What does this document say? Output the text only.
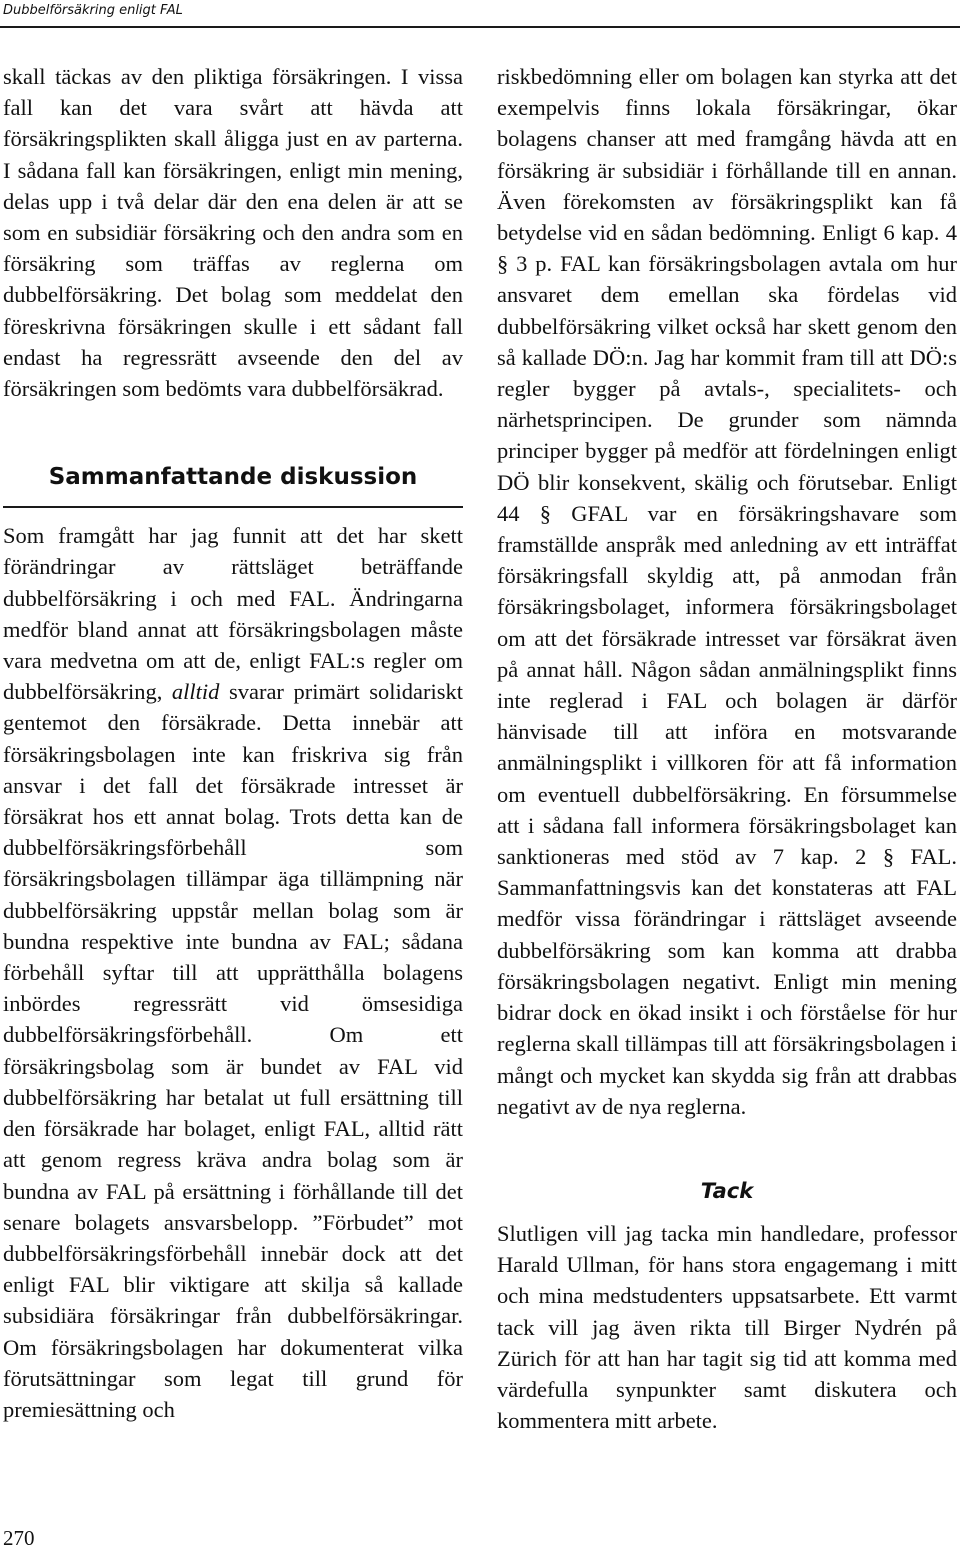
Dubbelförsäkring enligt FAL

skall täckas av den pliktiga försäkringen. I vissa fall kan det vara svårt att hävda att försäkringsplikten skall åligga just en av parterna. I sådana fall kan försäkringen, enligt min mening, delas upp i två delar där den ena delen är att se som en subsidiär försäkring och den andra som en försäkring som träffas av reglerna om dubbelförsäkring. Det bolag som meddelat den föreskrivna försäkringen skulle i ett sådant fall endast ha regressrätt avseende den del av försäkringen som bedömts vara dubbelförsäkrad.

Sammanfattande diskussion

Som framgått har jag funnit att det har skett förändringar av rättsläget beträffande dubbelförsäkring i och med FAL. Ändringarna medför bland annat att försäkringsbolagen måste vara medvetna om att de, enligt FAL:s regler om dubbelförsäkring, alltid svarar primärt solidariskt gentemot den försäkrade. Detta innebär att försäkringsbolagen inte kan friskriva sig från ansvar i det fall det försäkrade intresset är försäkrat hos ett annat bolag. Trots detta kan de dubbelförsäkringsförbehåll som försäkringsbolagen tillämpar äga tillämpning när dubbelförsäkring uppstår mellan bolag som är bundna respektive inte bundna av FAL; sådana förbehåll syftar till att upprätthålla bolagens inbördes regressrätt vid ömsesidiga dubbelförsäkringsförbehåll. Om ett försäkringsbolag som är bundet av FAL vid dubbelförsäkring har betalat ut full ersättning till den försäkrade har bolaget, enligt FAL, alltid rätt att genom regress kräva andra bolag som är bundna av FAL på ersättning i förhållande till det senare bolagets ansvarsbelopp. ”Förbudet” mot dubbelförsäkringsförbehåll innebär dock att det enligt FAL blir viktigare att skilja så kallade subsidiära försäkringar från dubbelförsäkringar. Om försäkringsbolagen har dokumenterat vilka förutsättningar som legat till grund för premiesättning och

riskbedömning eller om bolagen kan styrka att det exempelvis finns lokala försäkringar, ökar bolagens chanser att med framgång hävda att en försäkring är subsidiär i förhållande till en annan. Även förekomsten av försäkringsplikt kan få betydelse vid en sådan bedömning. Enligt 6 kap. 4 § 3 p. FAL kan försäkringsbolagen avtala om hur ansvaret dem emellan ska fördelas vid dubbelförsäkring vilket också har skett genom den så kallade DÖ:n. Jag har kommit fram till att DÖ:s regler bygger på avtals-, specialitets- och närhetsprincipen. De grunder som nämnda principer bygger på medför att fördelningen enligt DÖ blir konsekvent, skälig och förutsebar. Enligt 44 § GFAL var en försäkringshavare som framställde anspråk med anledning av ett inträffat försäkringsfall skyldig att, på anmodan från försäkringsbolaget, informera försäkringsbolaget om att det försäkrade intresset var försäkrat även på annat håll. Någon sådan anmälningsplikt finns inte reglerad i FAL och bolagen är därför hänvisade till att införa en motsvarande anmälningsplikt i villkoren för att få information om eventuell dubbelförsäkring. En försummelse att i sådana fall informera försäkringsbolaget kan sanktioneras med stöd av 7 kap. 2 § FAL. Sammanfattningsvis kan det konstateras att FAL medför vissa förändringar i rättsläget avseende dubbelförsäkring som kan komma att drabba försäkringsbolagen negativt. Enligt min mening bidrar dock en ökad insikt i och förståelse för hur reglerna skall tillämpas till att försäkringsbolagen i mångt och mycket kan skydda sig från att drabbas negativt av de nya reglerna.

Tack

Slutligen vill jag tacka min handledare, professor Harald Ullman, för hans stora engagemang i mitt och mina medstudenters uppsatsarbete. Ett varmt tack vill jag även rikta till Birger Nydrén på Zürich för att han har tagit sig tid att komma med värdefulla synpunkter samt diskutera och kommentera mitt arbete.

270
